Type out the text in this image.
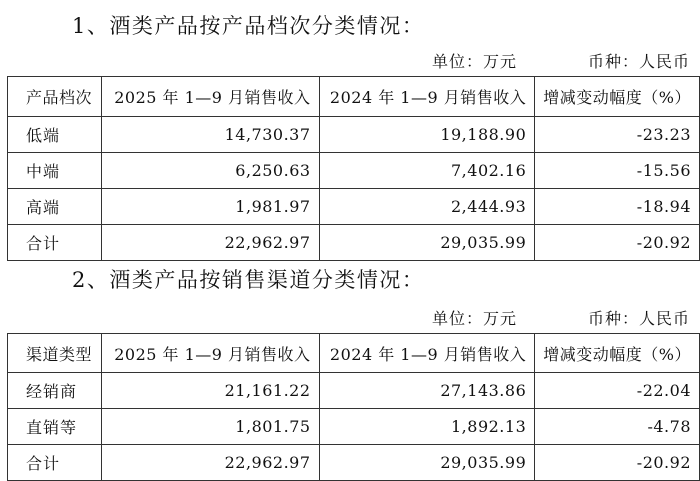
1、酒类产品按产品档次分类情况：
单位：万元	币种：人民币
产品档次	2025 年 1—9 月销售收入	2024 年 1—9 月销售收入	增减变动幅度（%）
低端	14,730.37	19,188.90	-23.23
中端	6,250.63	7,402.16	-15.56
高端	1,981.97	2,444.93	-18.94
合计	22,962.97	29,035.99	-20.92
2、酒类产品按销售渠道分类情况：
单位：万元	币种：人民币
渠道类型	2025 年 1—9 月销售收入	2024 年 1—9 月销售收入	增减变动幅度（%）
经销商	21,161.22	27,143.86	-22.04
直销等	1,801.75	1,892.13	-4.78
合计	22,962.97	29,035.99	-20.92
